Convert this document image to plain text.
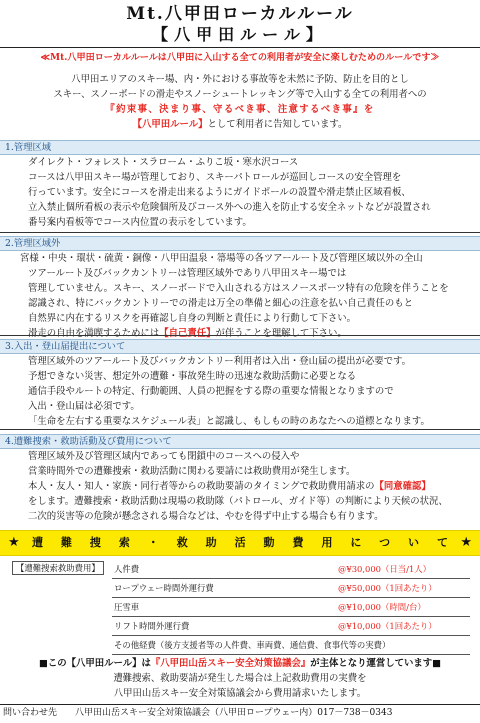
Mt.八甲田ローカルルール
【八甲田ルール】
≪Mt.八甲田ローカルルールは八甲田に入山する全ての利用者が安全に楽しむためのルールです≫
八甲田エリアのスキー場、内・外における事故等を未然に予防、防止を目的とし
スキー、スノーボードの滑走やスノーシュートレッキング等で入山する全ての利用者への
『約束事、決まり事、守るべき事、注意するべき事』を
【八甲田ルール】として利用者に告知しています。
1.管理区域
ダイレクト・フォレスト・スラローム・ふりこ坂・寒水沢コース
コースは八甲田スキー場が管理しており、スキーパトロールが巡回しコースの安全管理を
行っています。安全にコースを滑走出来るようにガイドポールの設置や滑走禁止区域看板、
立入禁止個所看板の表示や危険個所及びコース外への進入を防止する安全ネットなどが設置され
番号案内看板等でコース内位置の表示をしています。
2.管理区域外
宮様・中央・環状・硫黄・銅像・八甲田温泉・箒場等の各ツアールート及び管理区域以外の全山
ツアールート及びバックカントリーは管理区域外であり八甲田スキー場では
管理していません。スキー、スノーボードで入山される方はスノースポーツ特有の危険を伴うことを
認識され、特にバックカントリーでの滑走は万全の準備と細心の注意を払い自己責任のもと
自然界に内在するリスクを再確認し自身の判断と責任により行動して下さい。
滑走の自由を満喫するためには【自己責任】が伴うことを理解して下さい。
3.入出・登山届提出について
管理区域外のツアールート及びバックカントリー利用者は入出・登山届の提出が必要です。
予想できない災害、想定外の遭難・事故発生時の迅速な救助活動に必要となる
通信手段やルートの特定、行動範囲、人員の把握をする際の重要な情報となりますので
入出・登山届は必須です。
「生命を左右する重要なスケジュール表」と認識し、もしもの時のあなたへの道標となります。
4.遭難捜索・救助活動及び費用について
管理区域外及び管理区域内であっても閉鎖中のコースへの侵入や
営業時間外での遭難捜索・救助活動に関わる要請には救助費用が発生します。
本人・友人・知人・家族・同行者等からの救助要請のタイミングで救助費用請求の【同意確認】
をします。遭難捜索・救助活動は現場の救助隊（パトロール、ガイド等）の判断により天候の状況、
二次的災害等の危険が懸念される場合などは、やむを得ず中止する場合も有ります。
★ 遭難捜索・救助活動費用について ★
【遭難捜索救助費用】	人件費	@¥30,000（日当/1人）
ロープウェー時間外運行費	@¥50,000（1回あたり）
圧雪車	@¥10,000（時間/台）
リフト時間外運行費	@¥10,000（1回あたり）
その他経費（後方支援者等の人件費、車両費、通信費、食事代等の実費）
■この【八甲田ルール】は『八甲田山岳スキー安全対策協議会』が主体となり運営しています■
遭難捜索、救助要請が発生した場合は上記救助費用の実費を
八甲田山岳スキー安全対策協議会から費用請求いたします。
問い合わせ先 八甲田山岳スキー安全対策協議会（八甲田ロープウェー内）017－738－0343
